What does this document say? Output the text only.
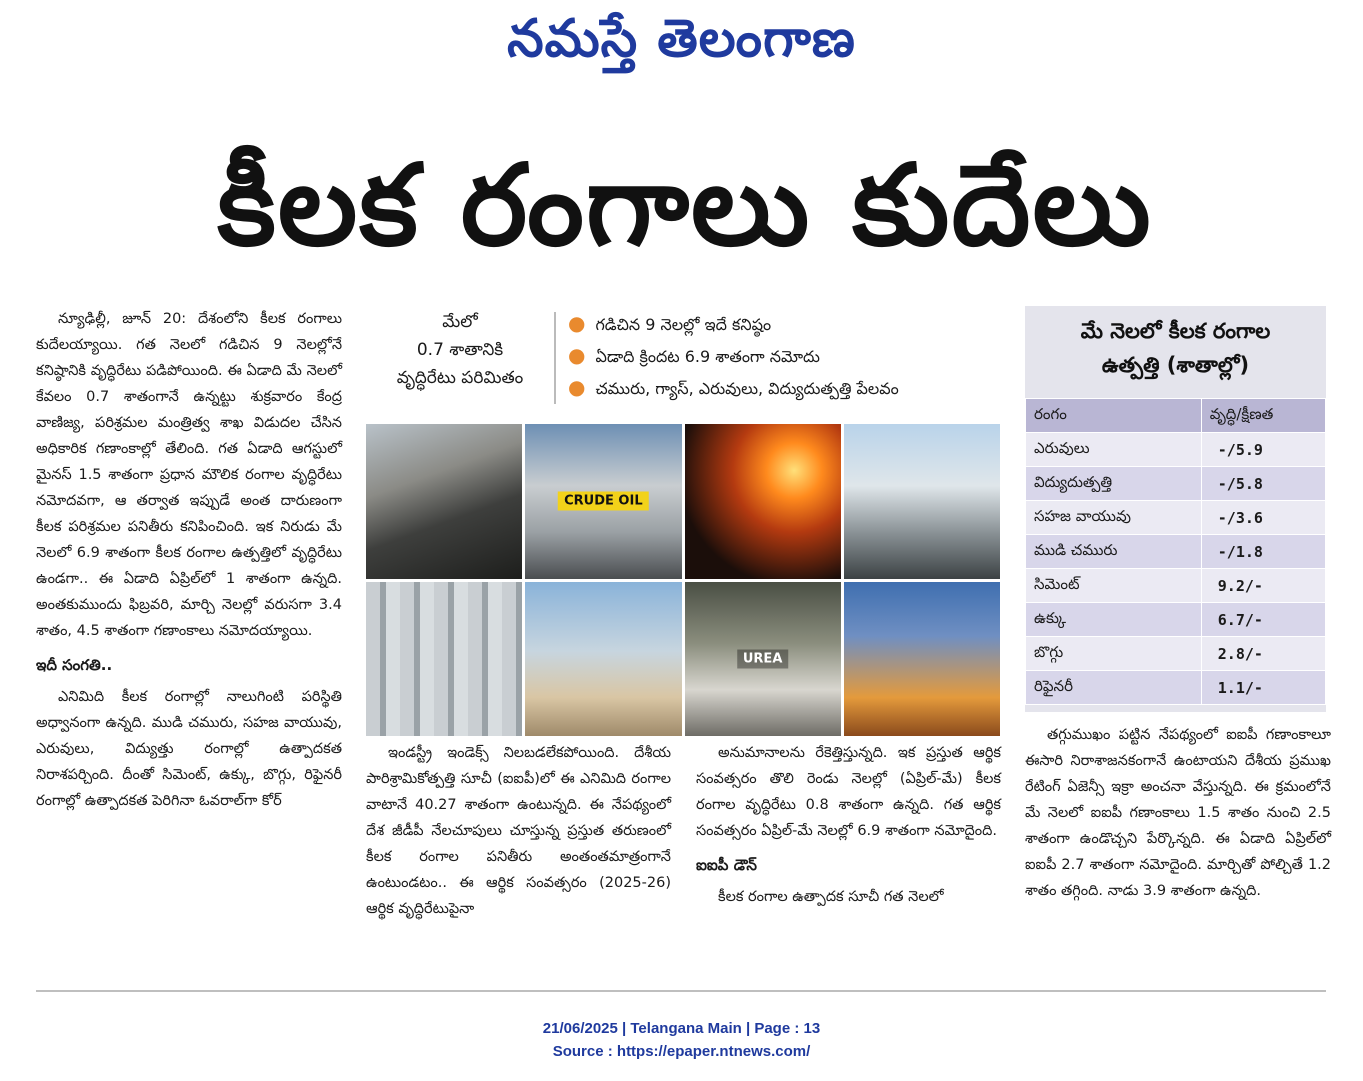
నమస్తే తెలంగాణ
కీలక రంగాలు కుదేలు

న్యూఢిల్లీ, జూన్ 20: దేశంలోని కీలక రంగాలు కుదేలయ్యాయి. గత నెలలో గడిచిన 9 నెలల్లోనే కనిష్ఠానికి వృద్ధిరేటు పడిపోయింది. ఈ ఏడాది మే నెలలో కేవలం 0.7 శాతంగానే ఉన్నట్టు శుక్రవారం కేంద్ర వాణిజ్య, పరిశ్రమల మంత్రిత్వ శాఖ విడుదల చేసిన అధికారిక గణాంకాల్లో తేలింది. గత ఏడాది ఆగస్టులో మైనస్ 1.5 శాతంగా ప్రధాన మౌలిక రంగాల వృద్ధిరేటు నమోదవగా, ఆ తర్వాత ఇప్పుడే అంత దారుణంగా కీలక పరిశ్రమల పనితీరు కనిపించింది. ఇక నిరుడు మే నెలలో 6.9 శాతంగా కీలక రంగాల ఉత్పత్తిలో వృద్ధిరేటు ఉండగా.. ఈ ఏడాది ఏప్రిల్‌లో 1 శాతంగా ఉన్నది. అంతకుముందు ఫిబ్రవరి, మార్చి నెలల్లో వరుసగా 3.4 శాతం, 4.5 శాతంగా గణాంకాలు నమోదయ్యాయి.

ఇదీ సంగతి..

ఎనిమిది కీలక రంగాల్లో నాలుగింటి పరిస్థితి అధ్వానంగా ఉన్నది. ముడి చమురు, సహజ వాయువు, ఎరువులు, విద్యుత్తు రంగాల్లో ఉత్పాదకత నిరాశపర్చింది. దీంతో సిమెంట్, ఉక్కు, బొగ్గు, రిఫైనరీ రంగాల్లో ఉత్పాదకత పెరిగినా ఓవరాల్‌గా కోర్

మేలో
0.7 శాతానికి
వృద్ధిరేటు పరిమితం
● గడిచిన 9 నెలల్లో ఇదే కనిష్ఠం
● ఏడాది క్రిందట 6.9 శాతంగా నమోదు
● చమురు, గ్యాస్, ఎరువులు, విద్యుదుత్పత్తి పేలవం
CRUDE OIL
UREA

ఇండస్ట్రీ ఇండెక్స్ నిలబడలేకపోయింది. దేశీయ పారిశ్రామికోత్పత్తి సూచీ (ఐఐపీ)లో ఈ ఎనిమిది రంగాల వాటానే 40.27 శాతంగా ఉంటున్నది. ఈ నేపథ్యంలో దేశ జీడీపీ నేలచూపులు చూస్తున్న ప్రస్తుత తరుణంలో కీలక రంగాల పనితీరు అంతంతమాత్రంగానే ఉంటుండటం.. ఈ ఆర్థిక సంవత్సరం (2025-26) ఆర్థిక వృద్ధిరేటుపైనా

అనుమానాలను రేకెత్తిస్తున్నది. ఇక ప్రస్తుత ఆర్థిక సంవత్సరం తొలి రెండు నెలల్లో (ఏప్రిల్-మే) కీలక రంగాల వృద్ధిరేటు 0.8 శాతంగా ఉన్నది. గత ఆర్థిక సంవత్సరం ఏప్రిల్-మే నెలల్లో 6.9 శాతంగా నమోదైంది.

ఐఐపీ డౌన్

కీలక రంగాల ఉత్పాదక సూచీ గత నెలలో

మే నెలలో కీలక రంగాల
ఉత్పత్తి (శాతాల్లో)
రంగం	వృద్ధి/క్షీణత
ఎరువులు	-/5.9
విద్యుదుత్పత్తి	-/5.8
సహజ వాయువు	-/3.6
ముడి చమురు	-/1.8
సిమెంట్	9.2/-
ఉక్కు	6.7/-
బొగ్గు	2.8/-
రిఫైనరీ	1.1/-

తగ్గుముఖం పట్టిన నేపథ్యంలో ఐఐపీ గణాంకాలూ ఈసారి నిరాశాజనకంగానే ఉంటాయని దేశీయ ప్రముఖ రేటింగ్ ఏజెన్సీ ఇక్రా అంచనా వేస్తున్నది. ఈ క్రమంలోనే మే నెలలో ఐఐపీ గణాంకాలు 1.5 శాతం నుంచి 2.5 శాతంగా ఉండొచ్చని పేర్కొన్నది. ఈ ఏడాది ఏప్రిల్‌లో ఐఐపీ 2.7 శాతంగా నమోదైంది. మార్చితో పోల్చితే 1.2 శాతం తగ్గింది. నాడు 3.9 శాతంగా ఉన్నది.

21/06/2025 | Telangana Main | Page : 13
Source : https://epaper.ntnews.com/
